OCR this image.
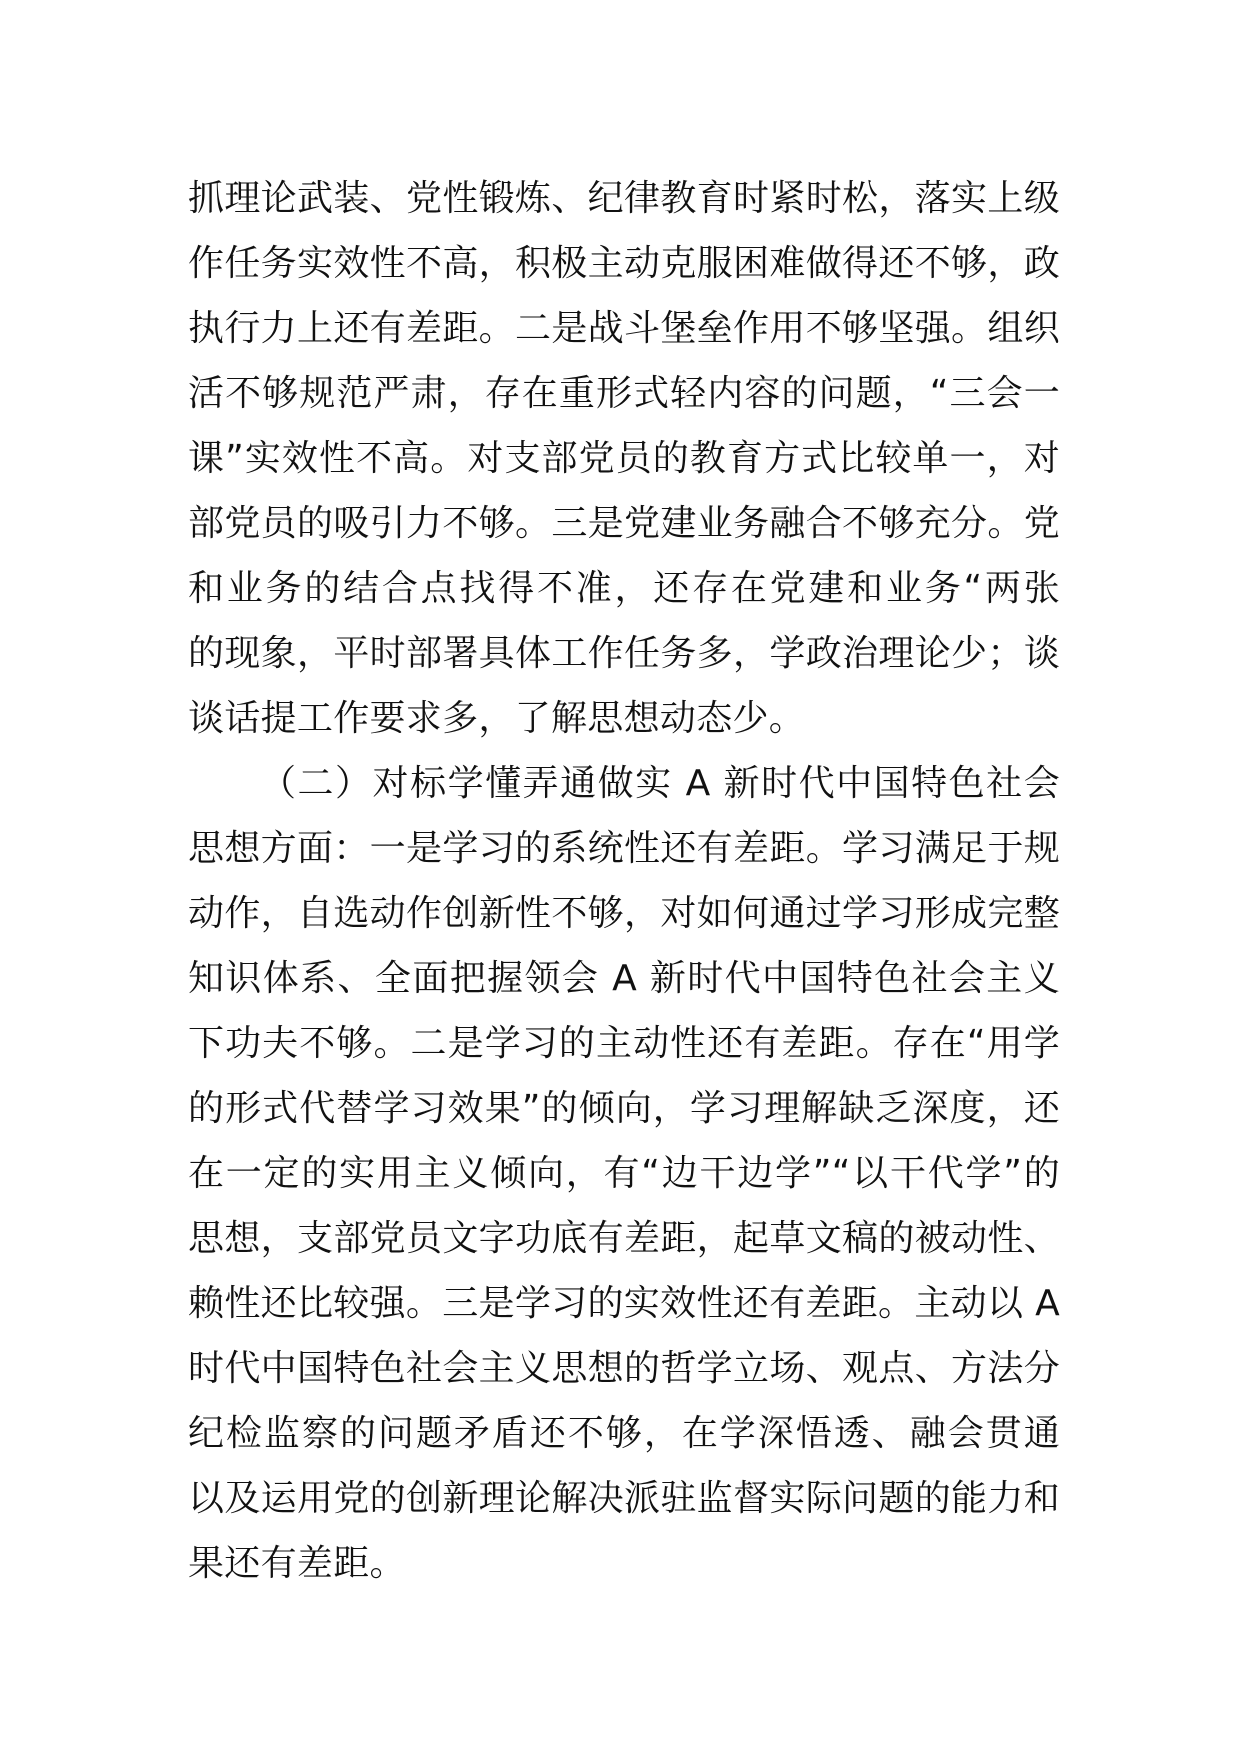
抓理论武装、党性锻炼、纪律教育时紧时松，落实上级
作任务实效性不高，积极主动克服困难做得还不够，政
执行力上还有差距。二是战斗堡垒作用不够坚强。组织
活不够规范严肃，存在重形式轻内容的问题，“三会一
课”实效性不高。对支部党员的教育方式比较单一，对
部党员的吸引力不够。三是党建业务融合不够充分。党
和业务的结合点找得不准，还存在党建和业务“两张
的现象，平时部署具体工作任务多，学政治理论少；谈
谈话提工作要求多，了解思想动态少。
（二）对标学懂弄通做实 A 新时代中国特色社会
思想方面：一是学习的系统性还有差距。学习满足于规
动作，自选动作创新性不够，对如何通过学习形成完整
知识体系、全面把握领会 A 新时代中国特色社会主义
下功夫不够。二是学习的主动性还有差距。存在“用学
的形式代替学习效果”的倾向，学习理解缺乏深度，还
在一定的实用主义倾向，有“边干边学”“以干代学”的
思想，支部党员文字功底有差距，起草文稿的被动性、
赖性还比较强。三是学习的实效性还有差距。主动以 A
时代中国特色社会主义思想的哲学立场、观点、方法分
纪检监察的问题矛盾还不够，在学深悟透、融会贯通
以及运用党的创新理论解决派驻监督实际问题的能力和
果还有差距。
